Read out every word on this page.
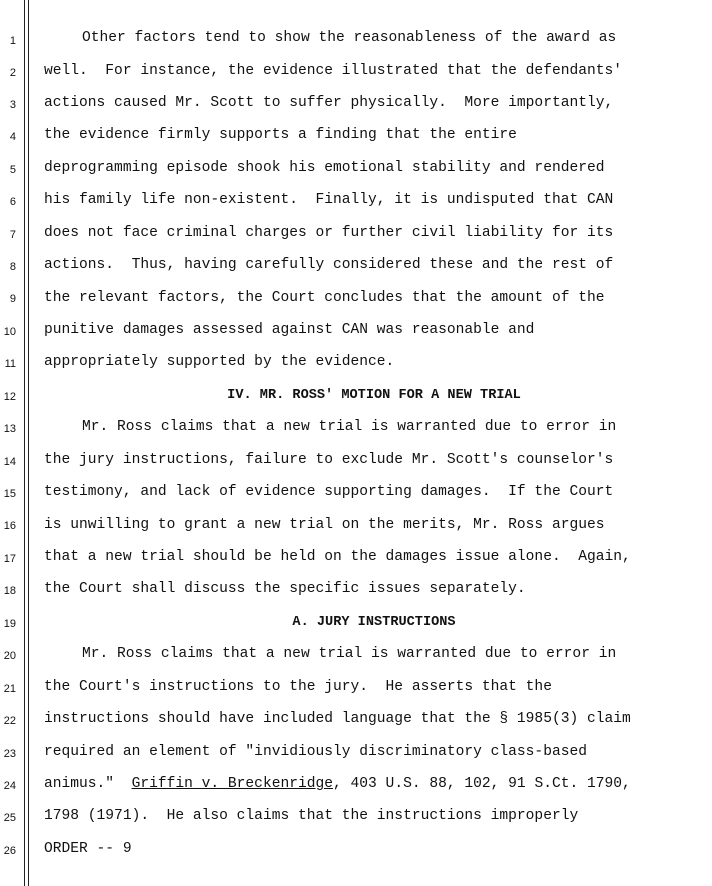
1
2
3
4
5
6
7
8
9
10
11
12
13
14
15
16
17
18
19
20
21
22
23
24
25
26
Other factors tend to show the reasonableness of the award as
well.  For instance, the evidence illustrated that the defendants'
actions caused Mr. Scott to suffer physically.  More importantly,
the evidence firmly supports a finding that the entire
deprogramming episode shook his emotional stability and rendered
his family life non-existent.  Finally, it is undisputed that CAN
does not face criminal charges or further civil liability for its
actions.  Thus, having carefully considered these and the rest of
the relevant factors, the Court concludes that the amount of the
punitive damages assessed against CAN was reasonable and
appropriately supported by the evidence.
IV. MR. ROSS' MOTION FOR A NEW TRIAL
Mr. Ross claims that a new trial is warranted due to error in
the jury instructions, failure to exclude Mr. Scott's counselor's
testimony, and lack of evidence supporting damages.  If the Court
is unwilling to grant a new trial on the merits, Mr. Ross argues
that a new trial should be held on the damages issue alone.  Again,
the Court shall discuss the specific issues separately.
A. JURY INSTRUCTIONS
Mr. Ross claims that a new trial is warranted due to error in
the Court's instructions to the jury.  He asserts that the
instructions should have included language that the § 1985(3) claim
required an element of "invidiously discriminatory class-based
animus."  Griffin v. Breckenridge, 403 U.S. 88, 102, 91 S.Ct. 1790,
1798 (1971).  He also claims that the instructions improperly
ORDER -- 9
